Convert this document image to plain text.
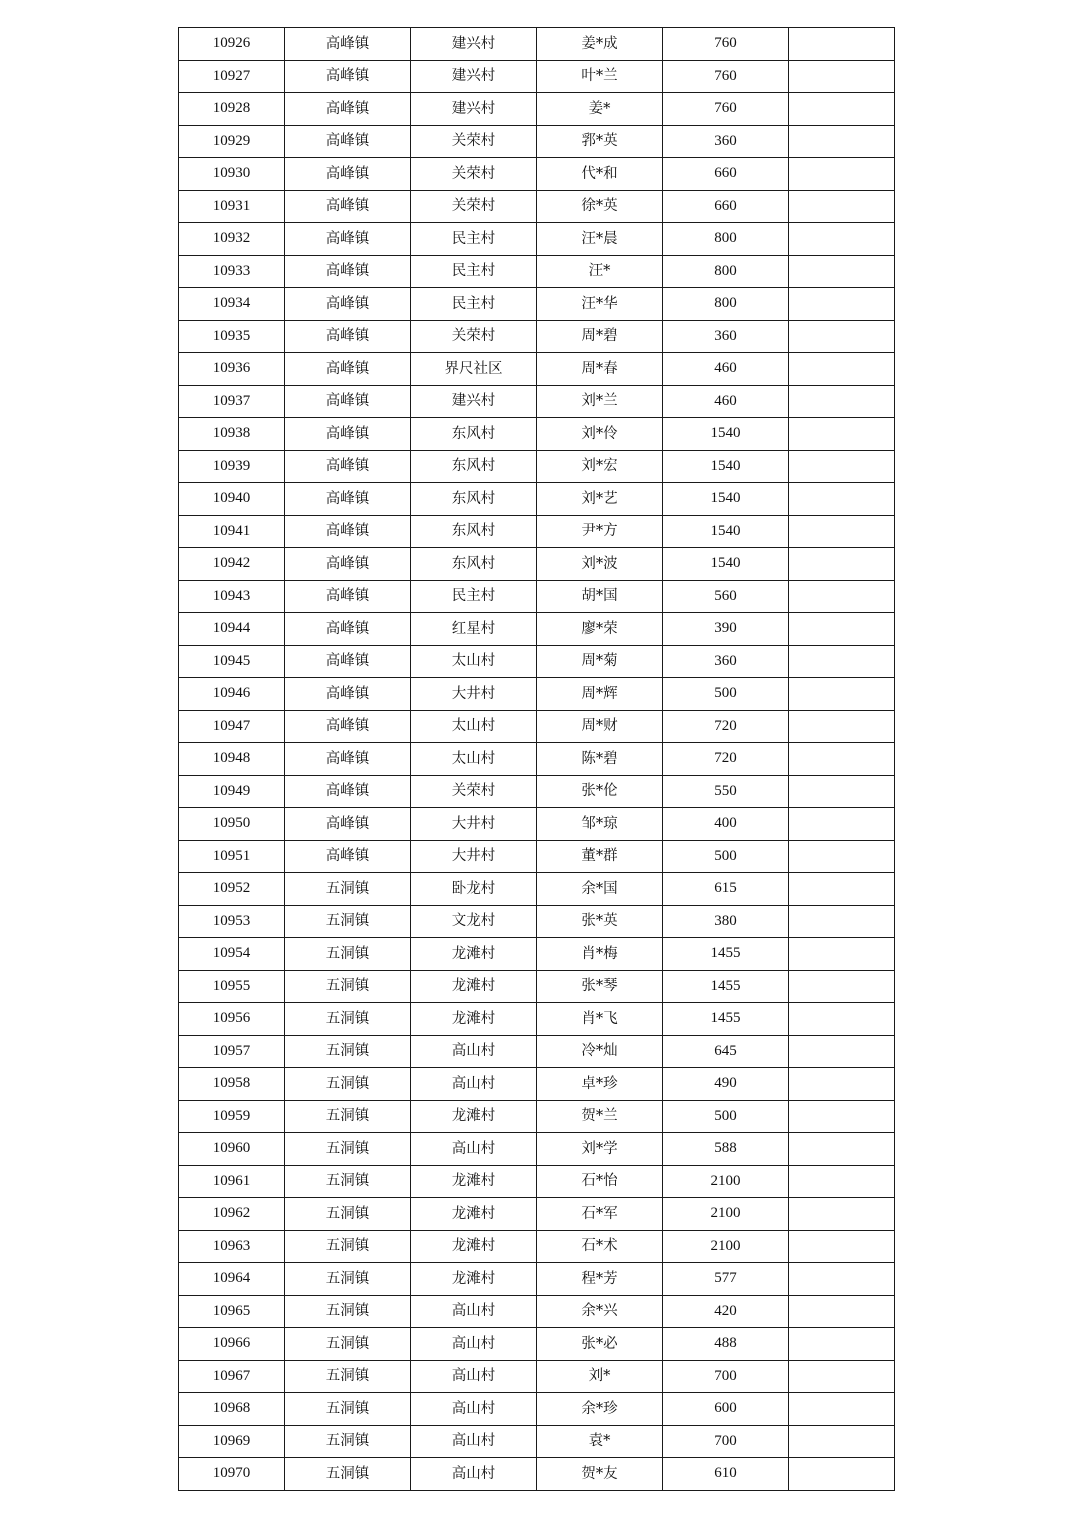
10926	高峰镇	建兴村	姜*成	760	
10927	高峰镇	建兴村	叶*兰	760	
10928	高峰镇	建兴村	姜*	760	
10929	高峰镇	关荣村	郛*英	360	
10930	高峰镇	关荣村	代*和	660	
10931	高峰镇	关荣村	徐*英	660	
10932	高峰镇	民主村	汪*晨	800	
10933	高峰镇	民主村	汪*	800	
10934	高峰镇	民主村	汪*华	800	
10935	高峰镇	关荣村	周*碧	360	
10936	高峰镇	界尺社区	周*春	460	
10937	高峰镇	建兴村	刘*兰	460	
10938	高峰镇	东风村	刘*伶	1540	
10939	高峰镇	东风村	刘*宏	1540	
10940	高峰镇	东风村	刘*艺	1540	
10941	高峰镇	东风村	尹*方	1540	
10942	高峰镇	东风村	刘*波	1540	
10943	高峰镇	民主村	胡*国	560	
10944	高峰镇	红星村	廖*荣	390	
10945	高峰镇	太山村	周*菊	360	
10946	高峰镇	大井村	周*辉	500	
10947	高峰镇	太山村	周*财	720	
10948	高峰镇	太山村	陈*碧	720	
10949	高峰镇	关荣村	张*伦	550	
10950	高峰镇	大井村	邹*琼	400	
10951	高峰镇	大井村	董*群	500	
10952	五洞镇	卧龙村	余*国	615	
10953	五洞镇	文龙村	张*英	380	
10954	五洞镇	龙滩村	肖*梅	1455	
10955	五洞镇	龙滩村	张*琴	1455	
10956	五洞镇	龙滩村	肖*飞	1455	
10957	五洞镇	高山村	冷*灿	645	
10958	五洞镇	高山村	卓*珍	490	
10959	五洞镇	龙滩村	贺*兰	500	
10960	五洞镇	高山村	刘*学	588	
10961	五洞镇	龙滩村	石*怡	2100	
10962	五洞镇	龙滩村	石*军	2100	
10963	五洞镇	龙滩村	石*术	2100	
10964	五洞镇	龙滩村	程*芳	577	
10965	五洞镇	高山村	余*兴	420	
10966	五洞镇	高山村	张*必	488	
10967	五洞镇	高山村	刘*	700	
10968	五洞镇	高山村	余*珍	600	
10969	五洞镇	高山村	袁*	700	
10970	五洞镇	高山村	贺*友	610	
